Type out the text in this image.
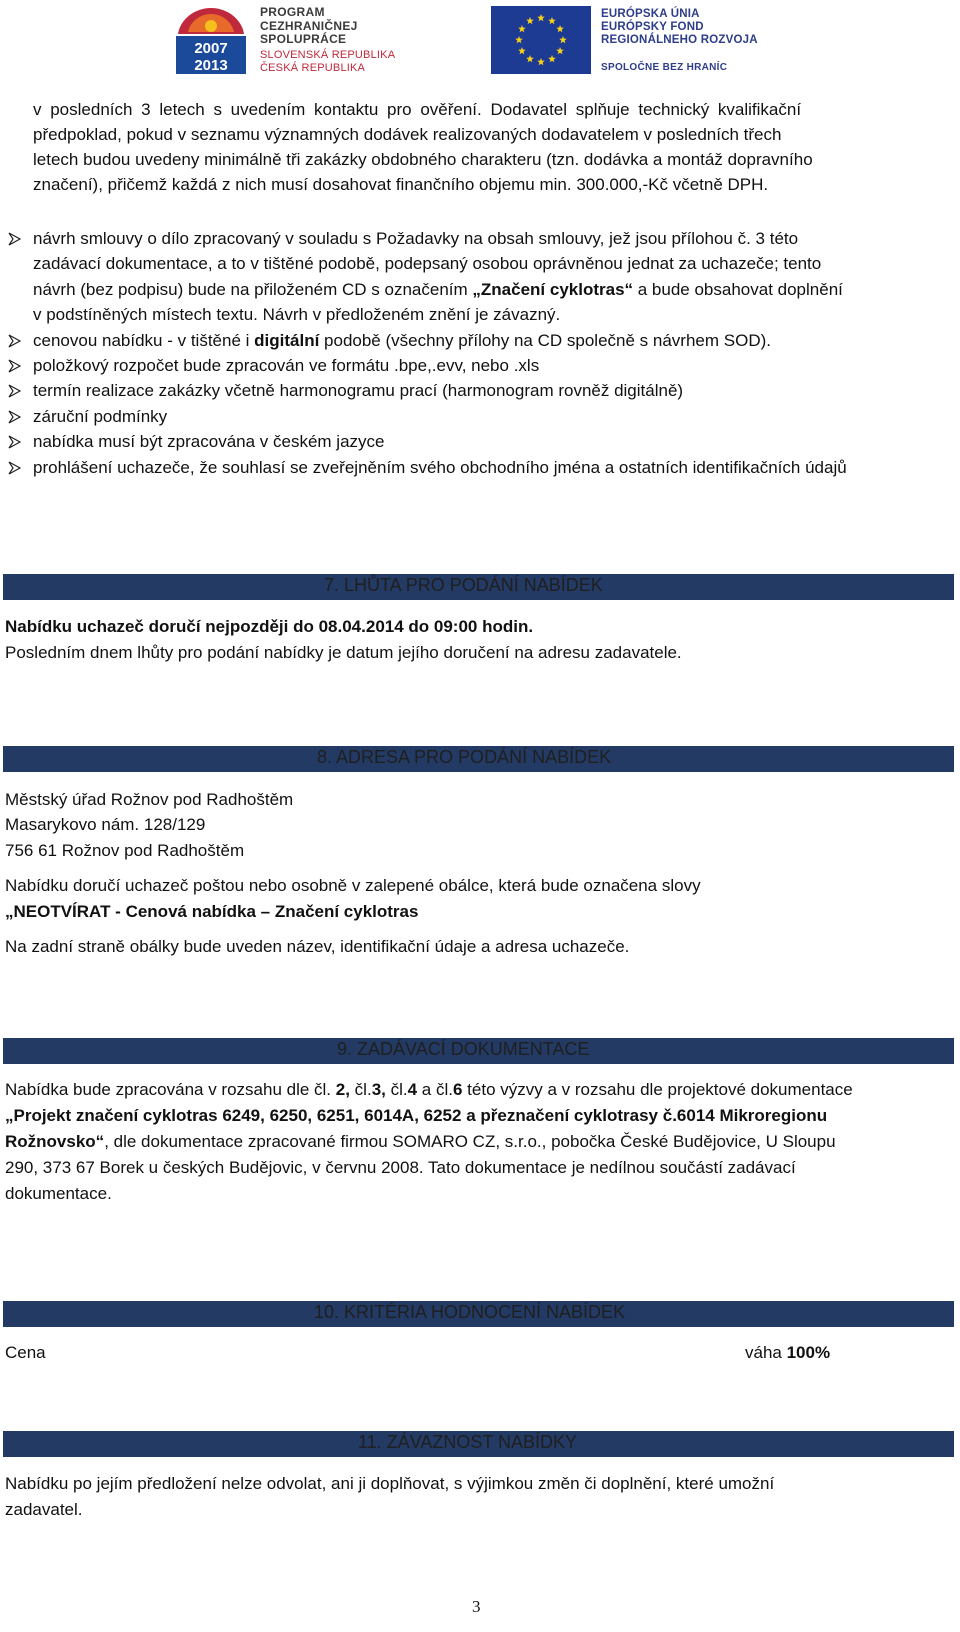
2007
2013
PROGRAM
CEZHRANIČNEJ
SPOLUPRÁCE
SLOVENSKÁ REPUBLIKA
ČESKÁ REPUBLIKA
EURÓPSKA ÚNIA
EURÓPSKY FOND
REGIONÁLNEHO ROZVOJA
SPOLOČNE BEZ HRANÍC
v posledních 3 letech s uvedením kontaktu pro ověření. Dodavatel splňuje technický kvalifikační
předpoklad, pokud v seznamu významných dodávek realizovaných dodavatelem v posledních třech
letech budou uvedeny minimálně tři zakázky obdobného charakteru (tzn. dodávka a montáž dopravního
značení), přičemž každá z nich musí dosahovat finančního objemu min. 300.000,-Kč včetně DPH.
návrh smlouvy o dílo zpracovaný v souladu s Požadavky na obsah smlouvy, jež jsou přílohou č. 3 této
zadávací dokumentace, a to v tištěné podobě, podepsaný osobou oprávněnou jednat za uchazeče; tento
návrh (bez podpisu) bude na přiloženém CD s označením „Značení cyklotras“ a bude obsahovat doplnění
v podstíněných místech textu. Návrh v předloženém znění je závazný.
cenovou nabídku - v tištěné i digitální podobě (všechny přílohy na CD společně s návrhem SOD).
položkový rozpočet bude zpracován ve formátu .bpe,.evv, nebo .xls
termín realizace zakázky včetně harmonogramu prací (harmonogram rovněž digitálně)
záruční podmínky
nabídka musí být zpracována v českém jazyce
prohlášení uchazeče, že souhlasí se zveřejněním svého obchodního jména a ostatních identifikačních údajů
7. LHŮTA PRO PODÁNÍ NABÍDEK
Nabídku uchazeč doručí nejpozději do 08.04.2014 do 09:00 hodin.
Posledním dnem lhůty pro podání nabídky je datum jejího doručení na adresu zadavatele.
8. ADRESA PRO PODÁNÍ NABÍDEK
Městský úřad Rožnov pod Radhoštěm
Masarykovo nám. 128/129
756 61 Rožnov pod Radhoštěm
Nabídku doručí uchazeč poštou nebo osobně v zalepené obálce, která bude označena slovy
„NEOTVÍRAT - Cenová nabídka – Značení cyklotras
Na zadní straně obálky bude uveden název, identifikační údaje a adresa uchazeče.
9. ZADÁVACÍ DOKUMENTACE
Nabídka bude zpracována v rozsahu dle čl. 2, čl.3, čl.4 a čl.6 této výzvy a v rozsahu dle projektové dokumentace
„Projekt značení cyklotras 6249, 6250, 6251, 6014A, 6252 a přeznačení cyklotrasy č.6014 Mikroregionu
Rožnovsko“, dle dokumentace zpracované firmou SOMARO CZ, s.r.o., pobočka České Budějovice, U Sloupu
290, 373 67 Borek u českých Budějovic, v červnu 2008. Tato dokumentace je nedílnou součástí zadávací
dokumentace.
10. KRITÉRIA HODNOCENÍ NABÍDEK
Cena	váha 100%
11. ZÁVAZNOST NABÍDKY
Nabídku po jejím předložení nelze odvolat, ani ji doplňovat, s výjimkou změn či doplnění, které umožní
zadavatel.
3
